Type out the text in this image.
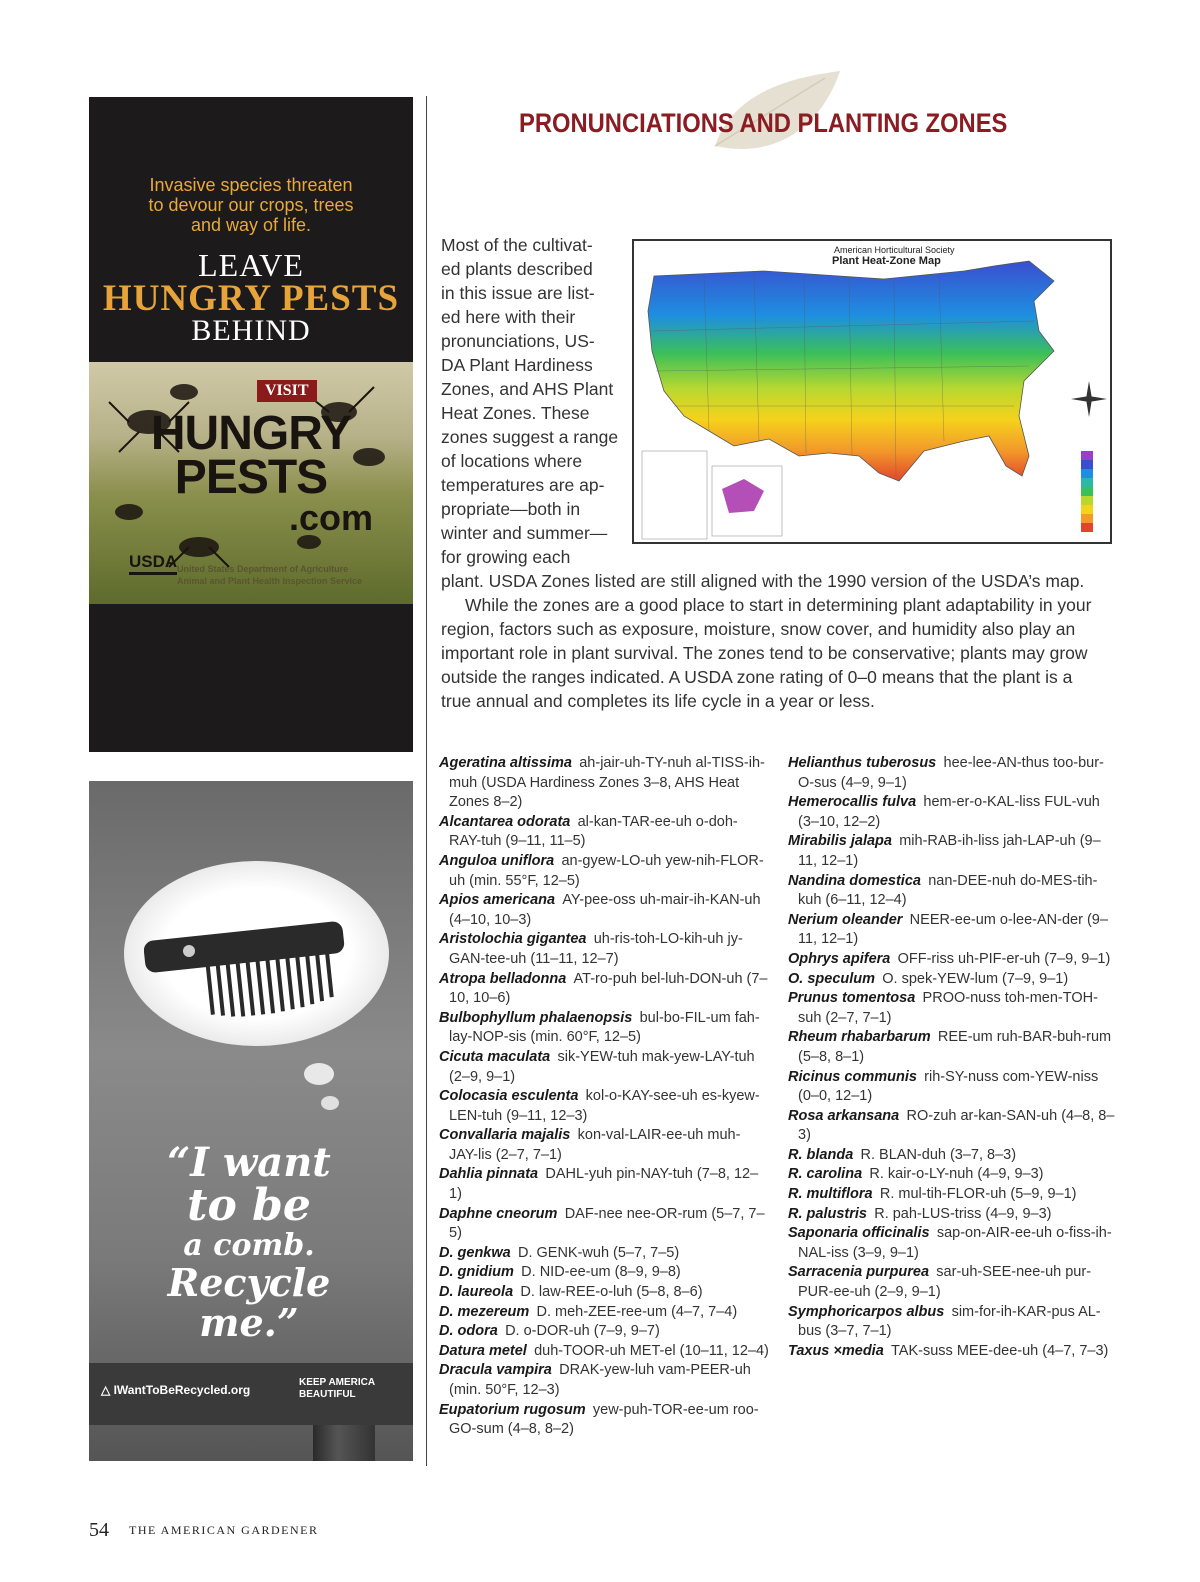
Invasive species threaten
to devour our crops, trees
and way of life.
LEAVE
HUNGRY PESTS
BEHIND
VISIT
HUNGRY
PESTS
.com
USDA United States Department of Agriculture
Animal and Plant Health Inspection Service
“I want
to be
a comb.
Recycle me.”
△ IWantToBeRecycled.org
KEEP AMERICA
BEAUTIFUL
PRONUNCIATIONS AND PLANTING ZONES
Most of the cultivat-
ed plants described
in this issue are list-
ed here with their
pronunciations, US-
DA Plant Hardiness
Zones, and AHS Plant
Heat Zones. These
zones suggest a range
of locations where
temperatures are ap-
propriate—both in
winter and summer—
for growing each
American Horticultural Society
Plant Heat-Zone Map
plant. USDA Zones listed are still aligned with the 1990 version of the USDA’s map.
While the zones are a good place to start in determining plant adaptability in your
region, factors such as exposure, moisture, snow cover, and humidity also play an
important role in plant survival. The zones tend to be conservative; plants may grow
outside the ranges indicated. A USDA zone rating of 0–0 means that the plant is a
true annual and completes its life cycle in a year or less.
Ageratina altissima  ah-jair-uh-TY-nuh al-TISS-ih-muh (USDA Hardiness Zones 3–8, AHS Heat Zones 8–2)
Alcantarea odorata  al-kan-TAR-ee-uh o-doh-RAY-tuh (9–11, 11–5)
Anguloa uniflora  an-gyew-LO-uh yew-nih-FLOR-uh (min. 55°F, 12–5)
Apios americana  AY-pee-oss uh-mair-ih-KAN-uh (4–10, 10–3)
Aristolochia gigantea  uh-ris-toh-LO-kih-uh jy-GAN-tee-uh (11–11, 12–7)
Atropa belladonna  AT-ro-puh bel-luh-DON-uh (7–10, 10–6)
Bulbophyllum phalaenopsis  bul-bo-FIL-um fah-lay-NOP-sis (min. 60°F, 12–5)
Cicuta maculata  sik-YEW-tuh mak-yew-LAY-tuh (2–9, 9–1)
Colocasia esculenta  kol-o-KAY-see-uh es-kyew-LEN-tuh (9–11, 12–3)
Convallaria majalis  kon-val-LAIR-ee-uh muh-JAY-lis (2–7, 7–1)
Dahlia pinnata  DAHL-yuh pin-NAY-tuh (7–8, 12–1)
Daphne cneorum  DAF-nee nee-OR-rum (5–7, 7–5)
D. genkwa  D. GENK-wuh (5–7, 7–5)
D. gnidium  D. NID-ee-um (8–9, 9–8)
D. laureola  D. law-REE-o-luh (5–8, 8–6)
D. mezereum  D. meh-ZEE-ree-um (4–7, 7–4)
D. odora  D. o-DOR-uh (7–9, 9–7)
Datura metel  duh-TOOR-uh MET-el (10–11, 12–4)
Dracula vampira  DRAK-yew-luh vam-PEER-uh (min. 50°F, 12–3)
Eupatorium rugosum  yew-puh-TOR-ee-um roo-GO-sum (4–8, 8–2)
Helianthus tuberosus  hee-lee-AN-thus too-bur-O-sus (4–9, 9–1)
Hemerocallis fulva  hem-er-o-KAL-liss FUL-vuh (3–10, 12–2)
Mirabilis jalapa  mih-RAB-ih-liss jah-LAP-uh (9–11, 12–1)
Nandina domestica  nan-DEE-nuh do-MES-tih-kuh (6–11, 12–4)
Nerium oleander  NEER-ee-um o-lee-AN-der (9–11, 12–1)
Ophrys apifera  OFF-riss uh-PIF-er-uh (7–9, 9–1)
O. speculum  O. spek-YEW-lum (7–9, 9–1)
Prunus tomentosa  PROO-nuss toh-men-TOH-suh (2–7, 7–1)
Rheum rhabarbarum  REE-um ruh-BAR-buh-rum (5–8, 8–1)
Ricinus communis  rih-SY-nuss com-YEW-niss (0–0, 12–1)
Rosa arkansana  RO-zuh ar-kan-SAN-uh (4–8, 8–3)
R. blanda  R. BLAN-duh (3–7, 8–3)
R. carolina  R. kair-o-LY-nuh (4–9, 9–3)
R. multiflora  R. mul-tih-FLOR-uh (5–9, 9–1)
R. palustris  R. pah-LUS-triss (4–9, 9–3)
Saponaria officinalis  sap-on-AIR-ee-uh o-fiss-ih-NAL-iss (3–9, 9–1)
Sarracenia purpurea  sar-uh-SEE-nee-uh pur-PUR-ee-uh (2–9, 9–1)
Symphoricarpos albus  sim-for-ih-KAR-pus AL-bus (3–7, 7–1)
Taxus ×media  TAK-suss MEE-dee-uh (4–7, 7–3)
54 THE AMERICAN GARDENER
